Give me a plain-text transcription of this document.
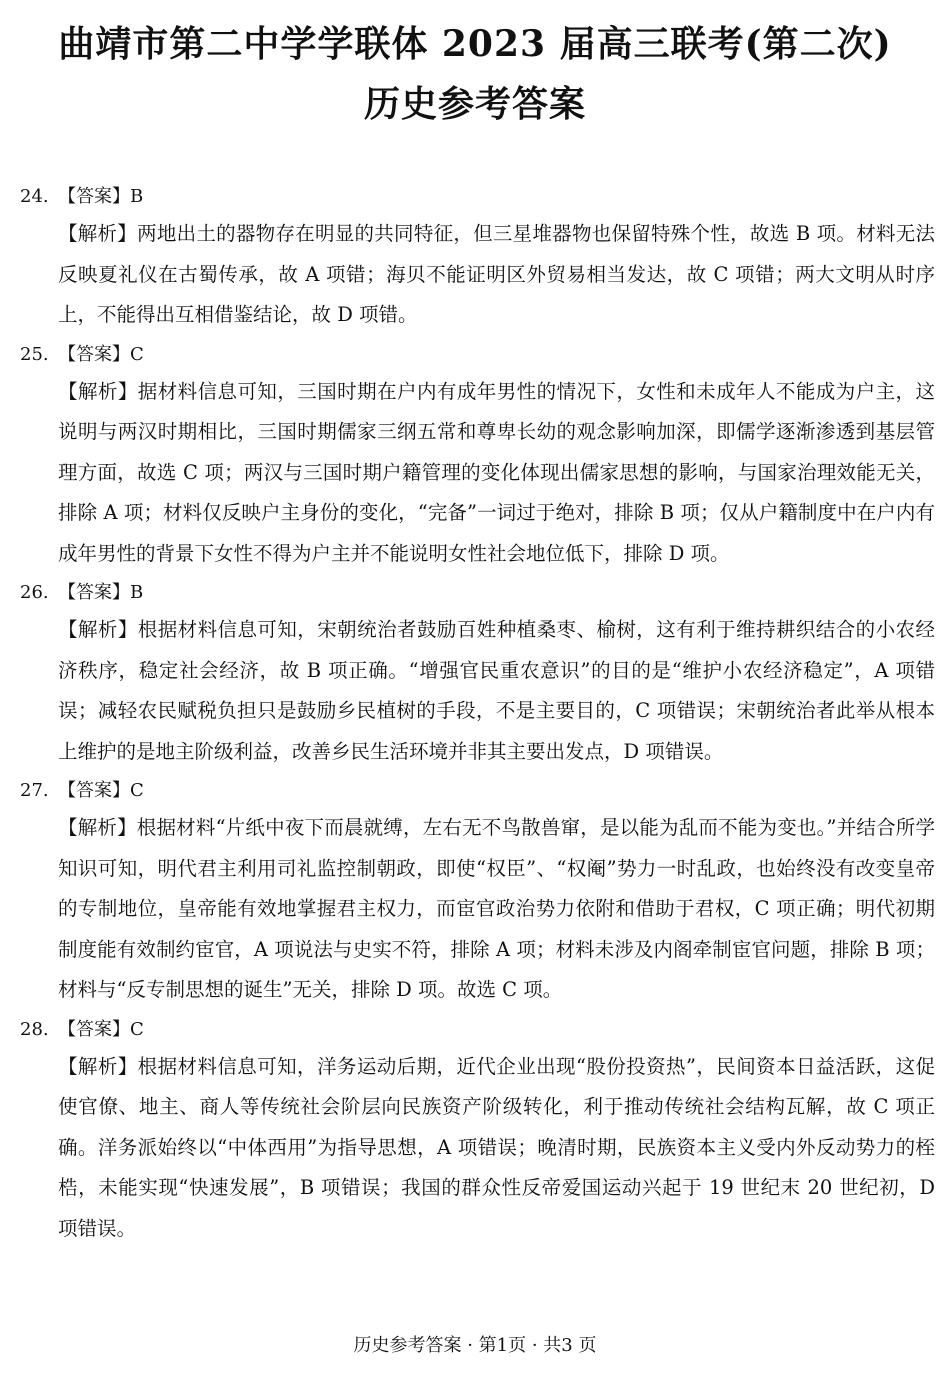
曲靖市第二中学学联体 2023 届高三联考(第二次)
历史参考答案
24. 【答案】B
【解析】两地出土的器物存在明显的共同特征，但三星堆器物也保留特殊个性，故选 B 项。材料无法反映夏礼仪在古蜀传承，故 A 项错；海贝不能证明区外贸易相当发达，故 C 项错；两大文明从时序上，不能得出互相借鉴结论，故 D 项错。
25. 【答案】C
【解析】据材料信息可知，三国时期在户内有成年男性的情况下，女性和未成年人不能成为户主，这说明与两汉时期相比，三国时期儒家三纲五常和尊卑长幼的观念影响加深，即儒学逐渐渗透到基层管理方面，故选 C 项；两汉与三国时期户籍管理的变化体现出儒家思想的影响，与国家治理效能无关，排除 A 项；材料仅反映户主身份的变化，“完备”一词过于绝对，排除 B 项；仅从户籍制度中在户内有成年男性的背景下女性不得为户主并不能说明女性社会地位低下，排除 D 项。
26. 【答案】B
【解析】根据材料信息可知，宋朝统治者鼓励百姓种植桑枣、榆树，这有利于维持耕织结合的小农经济秩序，稳定社会经济，故 B 项正确。“增强官民重农意识”的目的是“维护小农经济稳定”，A 项错误；减轻农民赋税负担只是鼓励乡民植树的手段，不是主要目的，C 项错误；宋朝统治者此举从根本上维护的是地主阶级利益，改善乡民生活环境并非其主要出发点，D 项错误。
27. 【答案】C
【解析】根据材料“片纸中夜下而晨就缚，左右无不鸟散兽窜，是以能为乱而不能为变也。”并结合所学知识可知，明代君主利用司礼监控制朝政，即使“权臣”、“权阉”势力一时乱政，也始终没有改变皇帝的专制地位，皇帝能有效地掌握君主权力，而宦官政治势力依附和借助于君权，C 项正确；明代初期制度能有效制约宦官，A 项说法与史实不符，排除 A 项；材料未涉及内阁牵制宦官问题，排除 B 项；材料与“反专制思想的诞生”无关，排除 D 项。故选 C 项。
28. 【答案】C
【解析】根据材料信息可知，洋务运动后期，近代企业出现“股份投资热”，民间资本日益活跃，这促使官僚、地主、商人等传统社会阶层向民族资产阶级转化，利于推动传统社会结构瓦解，故 C 项正确。洋务派始终以“中体西用”为指导思想，A 项错误；晚清时期，民族资本主义受内外反动势力的桎梏，未能实现“快速发展”，B 项错误；我国的群众性反帝爱国运动兴起于 19 世纪末 20 世纪初，D 项错误。
历史参考答案 · 第1页 · 共3 页
